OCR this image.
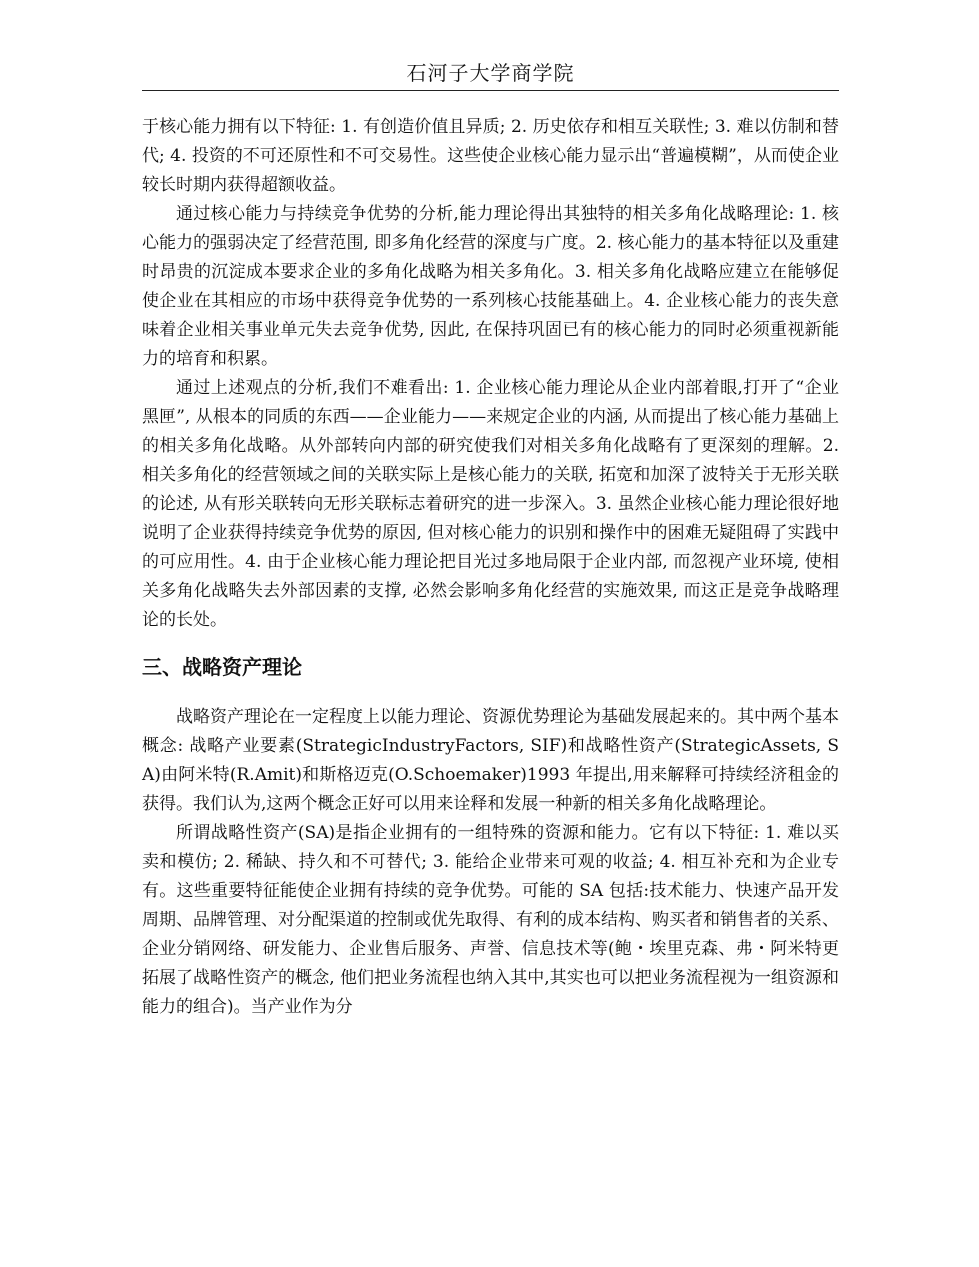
石河子大学商学院

于核心能力拥有以下特征: 1. 有创造价值且异质; 2. 历史依存和相互关联性; 3. 难以仿制和替代; 4. 投资的不可还原性和不可交易性。这些使企业核心能力显示出“普遍模糊”，从而使企业较长时期内获得超额收益。

通过核心能力与持续竞争优势的分析,能力理论得出其独特的相关多角化战略理论: 1. 核心能力的强弱决定了经营范围, 即多角化经营的深度与广度。2. 核心能力的基本特征以及重建时昂贵的沉淀成本要求企业的多角化战略为相关多角化。3. 相关多角化战略应建立在能够促使企业在其相应的市场中获得竞争优势的一系列核心技能基础上。4. 企业核心能力的丧失意味着企业相关事业单元失去竞争优势, 因此, 在保持巩固已有的核心能力的同时必须重视新能力的培育和积累。

通过上述观点的分析,我们不难看出: 1. 企业核心能力理论从企业内部着眼,打开了“企业黑匣”, 从根本的同质的东西——企业能力——来规定企业的内涵, 从而提出了核心能力基础上的相关多角化战略。从外部转向内部的研究使我们对相关多角化战略有了更深刻的理解。2. 相关多角化的经营领域之间的关联实际上是核心能力的关联, 拓宽和加深了波特关于无形关联的论述, 从有形关联转向无形关联标志着研究的进一步深入。3. 虽然企业核心能力理论很好地说明了企业获得持续竞争优势的原因, 但对核心能力的识别和操作中的困难无疑阻碍了实践中的可应用性。4. 由于企业核心能力理论把目光过多地局限于企业内部, 而忽视产业环境, 使相关多角化战略失去外部因素的支撑, 必然会影响多角化经营的实施效果, 而这正是竞争战略理论的长处。

三、战略资产理论

战略资产理论在一定程度上以能力理论、资源优势理论为基础发展起来的。其中两个基本概念: 战略产业要素(StrategicIndustryFactors, SIF)和战略性资产(StrategicAssets, SA)由阿米特(R.Amit)和斯格迈克(O.Schoemaker)1993 年提出,用来解释可持续经济租金的获得。我们认为,这两个概念正好可以用来诠释和发展一种新的相关多角化战略理论。

所谓战略性资产(SA)是指企业拥有的一组特殊的资源和能力。它有以下特征: 1. 难以买卖和模仿; 2. 稀缺、持久和不可替代; 3. 能给企业带来可观的收益; 4. 相互补充和为企业专有。这些重要特征能使企业拥有持续的竞争优势。可能的 SA 包括:技术能力、快速产品开发周期、品牌管理、对分配渠道的控制或优先取得、有利的成本结构、购买者和销售者的关系、企业分销网络、研发能力、企业售后服务、声誉、信息技术等(鲍・埃里克森、弗・阿米特更拓展了战略性资产的概念, 他们把业务流程也纳入其中,其实也可以把业务流程视为一组资源和能力的组合)。当产业作为分
